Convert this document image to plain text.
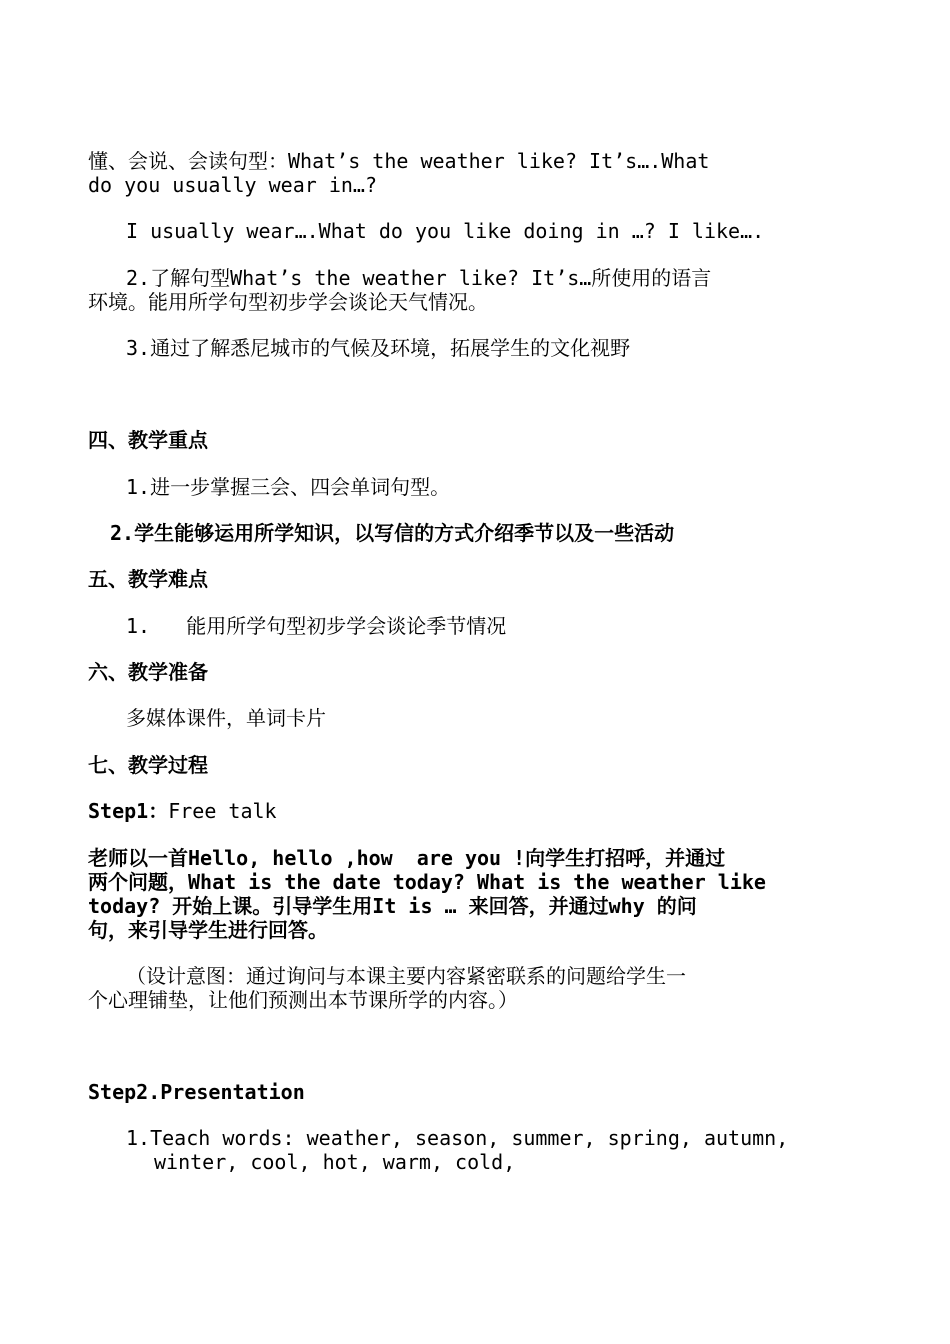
懂、会说、会读句型：What’s the weather like? It’s….What
do you usually wear in…?
I usually wear….What do you like doing in …? I like….
2.了解句型What’s the weather like? It’s…所使用的语言
环境。能用所学句型初步学会谈论天气情况。
3.通过了解悉尼城市的气候及环境，拓展学生的文化视野
四、教学重点
1.进一步掌握三会、四会单词句型。
2.学生能够运用所学知识，以写信的方式介绍季节以及一些活动
五、教学难点
1.   能用所学句型初步学会谈论季节情况
六、教学准备
多媒体课件，单词卡片
七、教学过程
Step1：Free talk
老师以一首Hello, hello ,how  are you !向学生打招呼，并通过
两个问题，What is the date today? What is the weather like
today? 开始上课。引导学生用It is … 来回答，并通过why 的问
句，来引导学生进行回答。
（设计意图：通过询问与本课主要内容紧密联系的问题给学生一
个心理铺垫，让他们预测出本节课所学的内容。）
Step2.Presentation
1.Teach words: weather, season, summer, spring, autumn,
winter, cool, hot, warm, cold,
